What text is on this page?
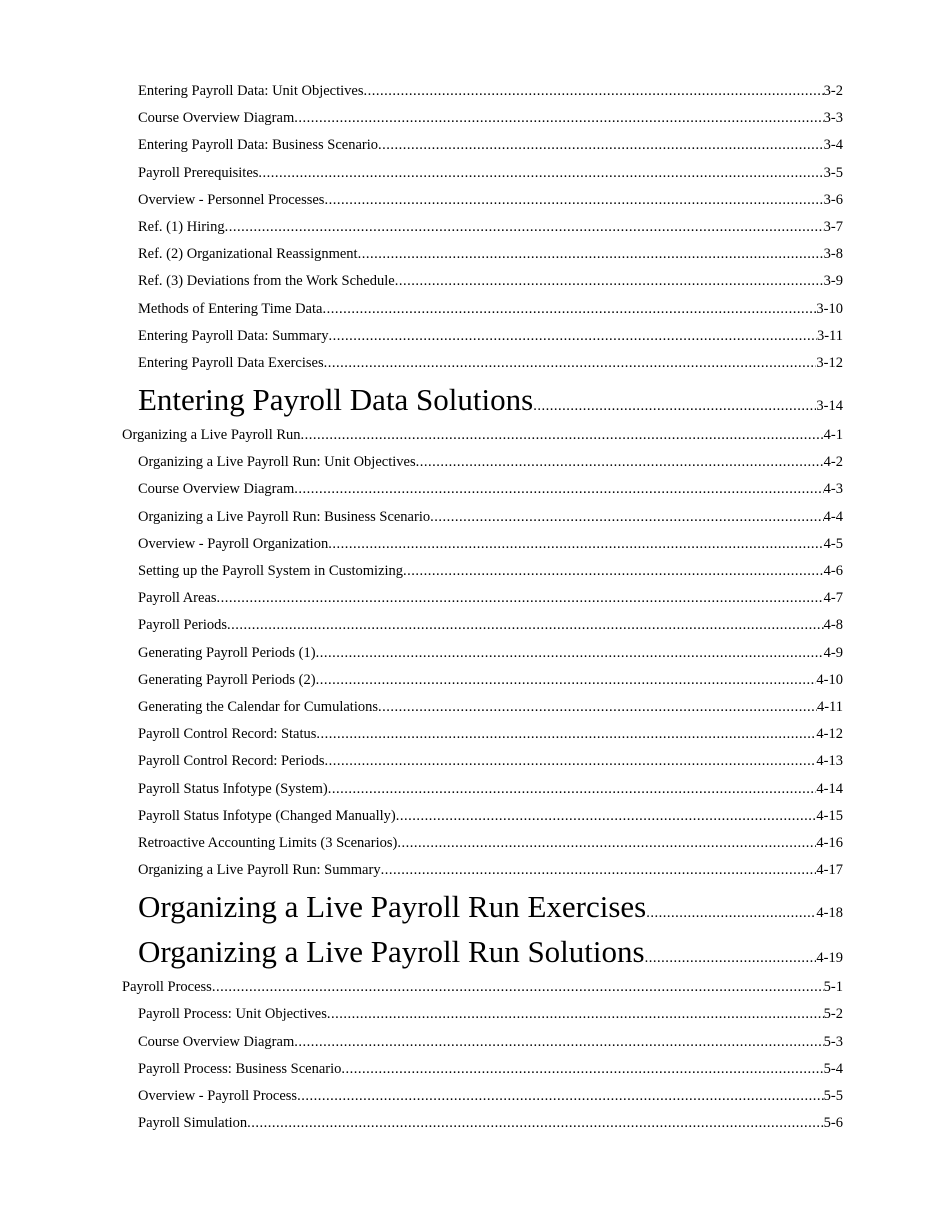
Entering Payroll Data: Unit Objectives .....	3-2
Course Overview Diagram .....	3-3
Entering Payroll Data: Business Scenario .....	3-4
Payroll Prerequisites .....	3-5
Overview - Personnel Processes .....	3-6
Ref. (1) Hiring .....	3-7
Ref. (2) Organizational Reassignment .....	3-8
Ref. (3) Deviations from the Work Schedule .....	3-9
Methods of Entering Time Data .....	3-10
Entering Payroll Data: Summary .....	3-11
Entering Payroll Data Exercises .....	3-12
Entering Payroll Data Solutions .....	3-14
Organizing a Live Payroll Run .....	4-1
Organizing a Live Payroll Run: Unit Objectives .....	4-2
Course Overview Diagram .....	4-3
Organizing a Live Payroll Run: Business Scenario .....	4-4
Overview - Payroll Organization .....	4-5
Setting up the Payroll System in Customizing .....	4-6
Payroll Areas .....	4-7
Payroll Periods .....	4-8
Generating Payroll Periods (1) .....	4-9
Generating Payroll Periods (2) .....	4-10
Generating the Calendar for Cumulations .....	4-11
Payroll Control Record: Status .....	4-12
Payroll Control Record: Periods .....	4-13
Payroll Status Infotype (System) .....	4-14
Payroll Status Infotype (Changed Manually) .....	4-15
Retroactive Accounting Limits (3 Scenarios) .....	4-16
Organizing a Live Payroll Run: Summary .....	4-17
Organizing a Live Payroll Run Exercises .....	4-18
Organizing a Live Payroll Run Solutions .....	4-19
Payroll Process .....	5-1
Payroll Process: Unit Objectives .....	5-2
Course Overview Diagram .....	5-3
Payroll Process: Business Scenario .....	5-4
Overview - Payroll Process .....	5-5
Payroll Simulation .....	5-6
